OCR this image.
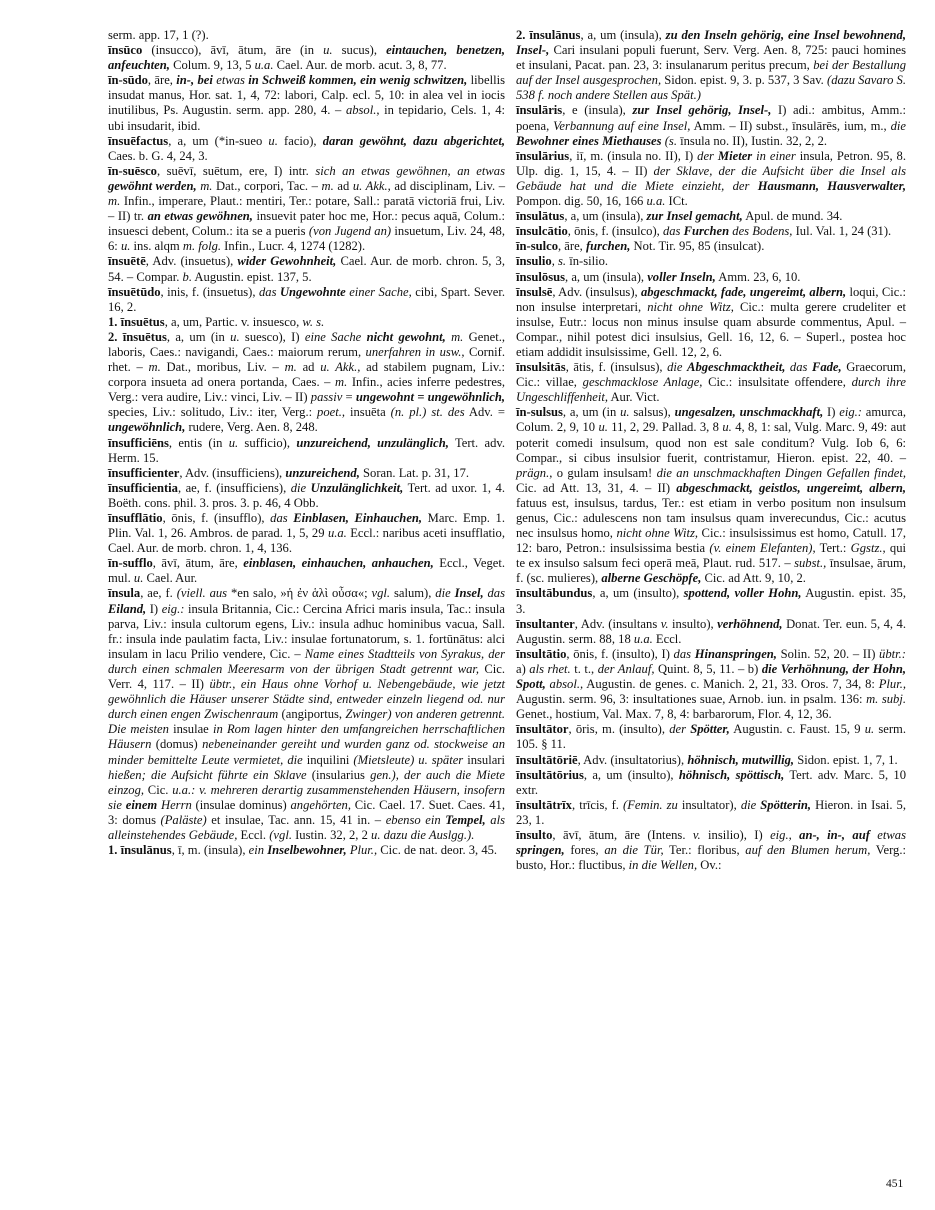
serm. app. 17, 1 (?).

īnsūco (insucco), āvī, ātum, āre (in u. sucus), eintauchen, benetzen, anfeuchten, Colum. 9, 13, 5 u.a. Cael. Aur. de morb. acut. 3, 8, 77.

īn-sūdo, āre, in-, bei etwas in Schweiß kommen, ein wenig schwitzen, libellis insudat manus, Hor. sat. 1, 4, 72: labori, Calp. ecl. 5, 10: in alea vel in iocis inutilibus, Ps. Augustin. serm. app. 280, 4. – absol., in tepidario, Cels. 1, 4: ubi insudarit, ibid.

īnsuēfactus, a, um (*in-sueo u. facio), daran gewöhnt, dazu abgerichtet, Caes. b. G. 4, 24, 3.

īn-suēsco, suēvī, suētum, ere, I) intr. sich an etwas gewöhnen, an etwas gewöhnt werden, m. Dat., corpori, Tac. – m. ad u. Akk., ad disciplinam, Liv. – m. Infin., imperare, Plaut.: mentiri, Ter.: potare, Sall.: paratā victoriā frui, Liv. – II) tr. an etwas gewöhnen, insuevit pater hoc me, Hor.: pecus aquā, Colum.: insuesci debent, Colum.: ita se a pueris (von Jugend an) insuetum, Liv. 24, 48, 6: u. ins. alqm m. folg. Infin., Lucr. 4, 1274 (1282).

īnsuētē, Adv. (insuetus), wider Gewohnheit, Cael. Aur. de morb. chron. 5, 3, 54. – Compar. b. Augustin. epist. 137, 5.

īnsuētūdo, inis, f. (insuetus), das Ungewohnte einer Sache, cibi, Spart. Sever. 16, 2.

1. īnsuētus, a, um, Partic. v. insuesco, w. s.

2. īnsuētus, a, um (in u. suesco), I) eine Sache nicht gewohnt, m. Genet., laboris, Caes.: navigandi, Caes.: maiorum rerum, unerfahren in usw., Cornif. rhet. – m. Dat., moribus, Liv. – m. ad u. Akk., ad stabilem pugnam, Liv.: corpora insueta ad onera portanda, Caes. – m. Infin., acies inferre pedestres, Verg.: vera audire, Liv.: vinci, Liv. – II) passiv = ungewohnt = ungewöhnlich, species, Liv.: solitudo, Liv.: iter, Verg.: poet., insuēta (n. pl.) st. des Adv. = ungewöhnlich, rudere, Verg. Aen. 8, 248.

īnsufficiēns, entis (in u. sufficio), unzureichend, unzulänglich, Tert. adv. Herm. 15.

īnsufficienter, Adv. (insufficiens), unzureichend, Soran. Lat. p. 31, 17.

īnsufficientia, ae, f. (insufficiens), die Unzulänglichkeit, Tert. ad uxor. 1, 4. Boëth. cons. phil. 3. pros. 3. p. 46, 4 Obb.

īnsufflātio, ōnis, f. (insufflo), das Einblasen, Einhauchen, Marc. Emp. 1. Plin. Val. 1, 26. Ambros. de parad. 1, 5, 29 u.a. Eccl.: naribus aceti insufflatio, Cael. Aur. de morb. chron. 1, 4, 136.

īn-sufflo, āvī, ātum, āre, einblasen, einhauchen, anhauchen, Eccl., Veget. mul. u. Cael. Aur.

īnsula, ae, f. (viell. aus *en salo, »ἡ ἐν ἁλὶ οὖσα«; vgl. salum), die Insel, das Eiland, I) eig.: insula Britannia, Cic.: Cercina Africi maris insula, Tac.: insula parva, Liv.: insula cultorum egens, Liv.: insula adhuc hominibus vacua, Sall. fr.: insula inde paulatim facta, Liv.: insulae fortunatorum, s. 1. fortūnātus: alci insulam in lacu Prilio vendere, Cic. – Name eines Stadtteils von Syrakus, der durch einen schmalen Meeresarm von der übrigen Stadt getrennt war, Cic. Verr. 4, 117. – II) übtr., ein Haus ohne Vorhof u. Nebengebäude, wie jetzt gewöhnlich die Häuser unserer Städte sind, entweder einzeln liegend od. nur durch einen engen Zwischenraum (angiportus, Zwinger) von anderen getrennt. Die meisten insulae in Rom lagen hinter den umfangreichen herrschaftlichen Häusern (domus) nebeneinander gereiht und wurden ganz od. stockweise an minder bemittelte Leute vermietet, die inquilini (Mietsleute) u. später insulari hießen; die Aufsicht führte ein Sklave (insularius gen.), der auch die Miete einzog, Cic. u.a.: v. mehreren derartig zusammenstehenden Häusern, insofern sie einem Herrn (insulae dominus) angehörten, Cic. Cael. 17. Suet. Caes. 41, 3: domus (Paläste) et insulae, Tac. ann. 15, 41 in. – ebenso ein Tempel, als alleinstehendes Gebäude, Eccl. (vgl. Iustin. 32, 2, 2 u. dazu die Auslgg.).

1. īnsulānus, ī, m. (insula), ein Inselbewohner, Plur., Cic. de nat. deor. 3, 45.

2. īnsulānus, a, um (insula), zu den Inseln gehörig, eine Insel bewohnend, Insel-, Cari insulani populi fuerunt, Serv. Verg. Aen. 8, 725: pauci homines et insulani, Pacat. pan. 23, 3: insulanarum peritus precum, bei der Bestallung auf der Insel ausgesprochen, Sidon. epist. 9, 3. p. 537, 3 Sav. (dazu Savaro S. 538 f. noch andere Stellen aus Spät.)

īnsulāris, e (insula), zur Insel gehörig, Insel-, I) adi.: ambitus, Amm.: poena, Verbannung auf eine Insel, Amm. – II) subst., īnsulārēs, ium, m., die Bewohner eines Miethauses (s. īnsula no. II), Iustin. 32, 2, 2.

īnsulārius, iī, m. (insula no. II), I) der Mieter in einer insula, Petron. 95, 8. Ulp. dig. 1, 15, 4. – II) der Sklave, der die Aufsicht über die Insel als Gebäude hat und die Miete einzieht, der Hausmann, Hausverwalter, Pompon. dig. 50, 16, 166 u.a. ICt.

īnsulātus, a, um (insula), zur Insel gemacht, Apul. de mund. 34.

īnsulcātio, ōnis, f. (insulco), das Furchen des Bodens, Iul. Val. 1, 24 (31).

īn-sulco, āre, furchen, Not. Tir. 95, 85 (insulcat).

īnsulio, s. īn-silio.

īnsulōsus, a, um (insula), voller Inseln, Amm. 23, 6, 10.

īnsulsē, Adv. (insulsus), abgeschmackt, fade, ungereimt, albern, loqui, Cic.: non insulse interpretari, nicht ohne Witz, Cic.: multa gerere crudeliter et insulse, Eutr.: locus non minus insulse quam absurde commentus, Apul. – Compar., nihil potest dici insulsius, Gell. 16, 12, 6. – Superl., postea hoc etiam addidit insulsissime, Gell. 12, 2, 6.

īnsulsitās, ātis, f. (insulsus), die Abgeschmacktheit, das Fade, Graecorum, Cic.: villae, geschmacklose Anlage, Cic.: insulsitate offendere, durch ihre Ungeschliffenheit, Aur. Vict.

īn-sulsus, a, um (in u. salsus), ungesalzen, unschmackhaft, I) eig.: amurca, Colum. 2, 9, 10 u. 11, 2, 29. Pallad. 3, 8 u. 4, 8, 1: sal, Vulg. Marc. 9, 49: aut poterit comedi insulsum, quod non est sale conditum? Vulg. Iob 6, 6: Compar., si cibus insulsior fuerit, contristamur, Hieron. epist. 22, 40. – prägn., o gulam insulsam! die an unschmackhaften Dingen Gefallen findet, Cic. ad Att. 13, 31, 4. – II) abgeschmackt, geistlos, ungereimt, albern, fatuus est, insulsus, tardus, Ter.: est etiam in verbo positum non insulsum genus, Cic.: adulescens non tam insulsus quam inverecundus, Cic.: acutus nec insulsus homo, nicht ohne Witz, Cic.: insulsissimus est homo, Catull. 17, 12: baro, Petron.: insulsissima bestia (v. einem Elefanten), Tert.: Ggstz., qui te ex insulso salsum feci operā meā, Plaut. rud. 517. – subst., īnsulsae, ārum, f. (sc. mulieres), alberne Geschöpfe, Cic. ad Att. 9, 10, 2.

īnsultābundus, a, um (insulto), spottend, voller Hohn, Augustin. epist. 35, 3.

īnsultanter, Adv. (insultans v. insulto), verhöhnend, Donat. Ter. eun. 5, 4, 4. Augustin. serm. 88, 18 u.a. Eccl.

īnsultātio, ōnis, f. (insulto), I) das Hinanspringen, Solin. 52, 20. – II) übtr.: a) als rhet. t. t., der Anlauf, Quint. 8, 5, 11. – b) die Verhöhnung, der Hohn, Spott, absol., Augustin. de genes. c. Manich. 2, 21, 33. Oros. 7, 34, 8: Plur., Augustin. serm. 96, 3: insultationes suae, Arnob. iun. in psalm. 136: m. subj. Genet., hostium, Val. Max. 7, 8, 4: barbarorum, Flor. 4, 12, 36.

īnsultātor, ōris, m. (insulto), der Spötter, Augustin. c. Faust. 15, 9 u. serm. 105. § 11.

īnsultātōriē, Adv. (insultatorius), höhnisch, mutwillig, Sidon. epist. 1, 7, 1.

īnsultātōrius, a, um (insulto), höhnisch, spöttisch, Tert. adv. Marc. 5, 10 extr.

īnsultātrīx, trīcis, f. (Femin. zu insultator), die Spötterin, Hieron. in Isai. 5, 23, 1.

īnsulto, āvī, ātum, āre (Intens. v. insilio), I) eig., an-, in-, auf etwas springen, fores, an die Tür, Ter.: floribus, auf den Blumen herum, Verg.: busto, Hor.: fluctibus, in die Wellen, Ov.:

451
